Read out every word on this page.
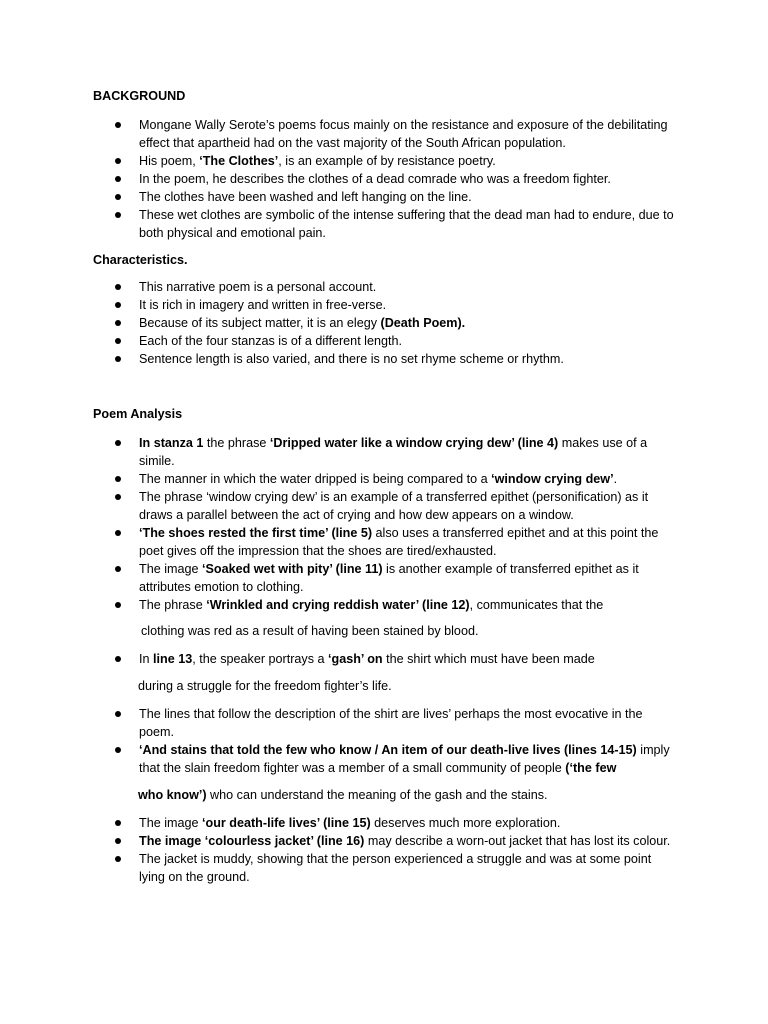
BACKGROUND
Mongane Wally Serote’s poems focus mainly on the resistance and exposure of the debilitating effect that apartheid had on the vast majority of the South African population.
His poem, ‘The Clothes’, is an example of by resistance poetry.
In the poem, he describes the clothes of a dead comrade who was a freedom fighter.
The clothes have been washed and left hanging on the line.
These wet clothes are symbolic of the intense suffering that the dead man had to endure, due to both physical and emotional pain.
Characteristics.
This narrative poem is a personal account.
It is rich in imagery and written in free-verse.
Because of its subject matter, it is an elegy (Death Poem).
Each of the four stanzas is of a different length.
Sentence length is also varied, and there is no set rhyme scheme or rhythm.
Poem Analysis
In stanza 1 the phrase ‘Dripped water like a window crying dew’ (line 4) makes use of a simile.
The manner in which the water dripped is being compared to a ‘window crying dew’.
The phrase ‘window crying dew’ is an example of a transferred epithet (personification) as it draws a parallel between the act of crying and how dew appears on a window.
‘The shoes rested the first time’ (line 5) also uses a transferred epithet and at this point the poet gives off the impression that the shoes are tired/exhausted.
The image ‘Soaked wet with pity’ (line 11) is another example of transferred epithet as it attributes emotion to clothing.
The phrase ‘Wrinkled and crying reddish water’ (line 12), communicates that the
clothing was red as a result of having been stained by blood.
In line 13, the speaker portrays a ‘gash’ on the shirt which must have been made
during a struggle for the freedom fighter’s life.
The lines that follow the description of the shirt are lives’ perhaps the most evocative in the poem.
‘And stains that told the few who know / An item of our death-live lives (lines 14-15) imply that the slain freedom fighter was a member of a small community of people (‘the few
who know’) who can understand the meaning of the gash and the stains.
The image ‘our death-life lives’ (line 15) deserves much more exploration.
The image ‘colourless jacket’ (line 16) may describe a worn-out jacket that has lost its colour.
The jacket is muddy, showing that the person experienced a struggle and was at some point lying on the ground.
